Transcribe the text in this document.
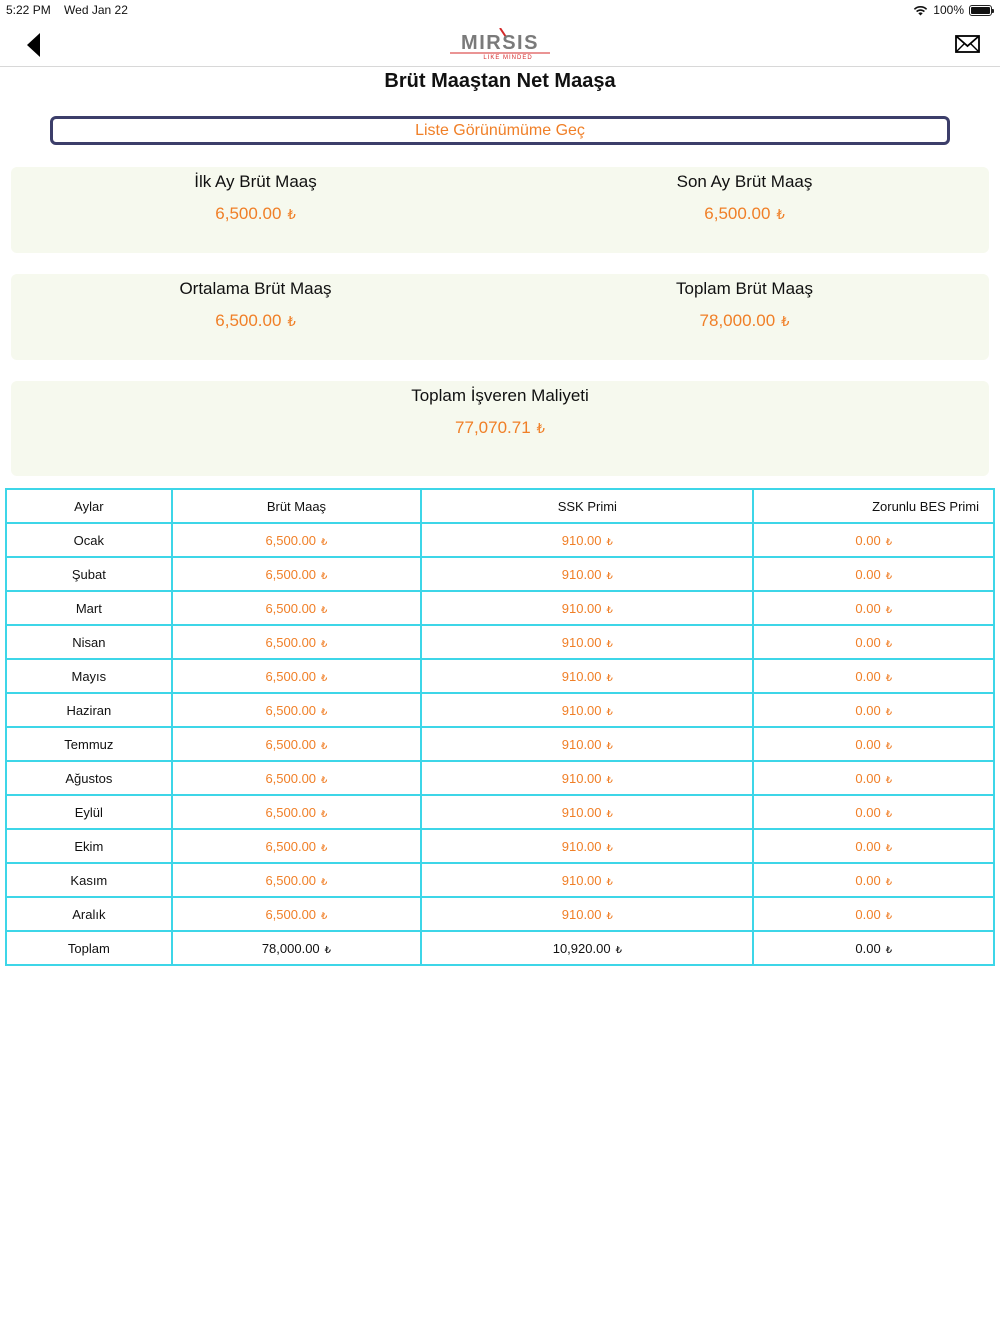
5:22 PM Wed Jan 22	100%
MIRSIS
LIKE MINDED
Brüt Maaştan Net Maaşa
Liste Görünümüme Geç
İlk Ay Brüt Maaş
6,500.00 ₺
Son Ay Brüt Maaş
6,500.00 ₺
Ortalama Brüt Maaş
6,500.00 ₺
Toplam Brüt Maaş
78,000.00 ₺
Toplam İşveren Maliyeti
77,070.71 ₺
Aylar	Brüt Maaş	SSK Primi	Zorunlu BES Primi
Ocak	6,500.00 ₺	910.00 ₺	0.00 ₺
Şubat	6,500.00 ₺	910.00 ₺	0.00 ₺
Mart	6,500.00 ₺	910.00 ₺	0.00 ₺
Nisan	6,500.00 ₺	910.00 ₺	0.00 ₺
Mayıs	6,500.00 ₺	910.00 ₺	0.00 ₺
Haziran	6,500.00 ₺	910.00 ₺	0.00 ₺
Temmuz	6,500.00 ₺	910.00 ₺	0.00 ₺
Ağustos	6,500.00 ₺	910.00 ₺	0.00 ₺
Eylül	6,500.00 ₺	910.00 ₺	0.00 ₺
Ekim	6,500.00 ₺	910.00 ₺	0.00 ₺
Kasım	6,500.00 ₺	910.00 ₺	0.00 ₺
Aralık	6,500.00 ₺	910.00 ₺	0.00 ₺
Toplam	78,000.00 ₺	10,920.00 ₺	0.00 ₺
